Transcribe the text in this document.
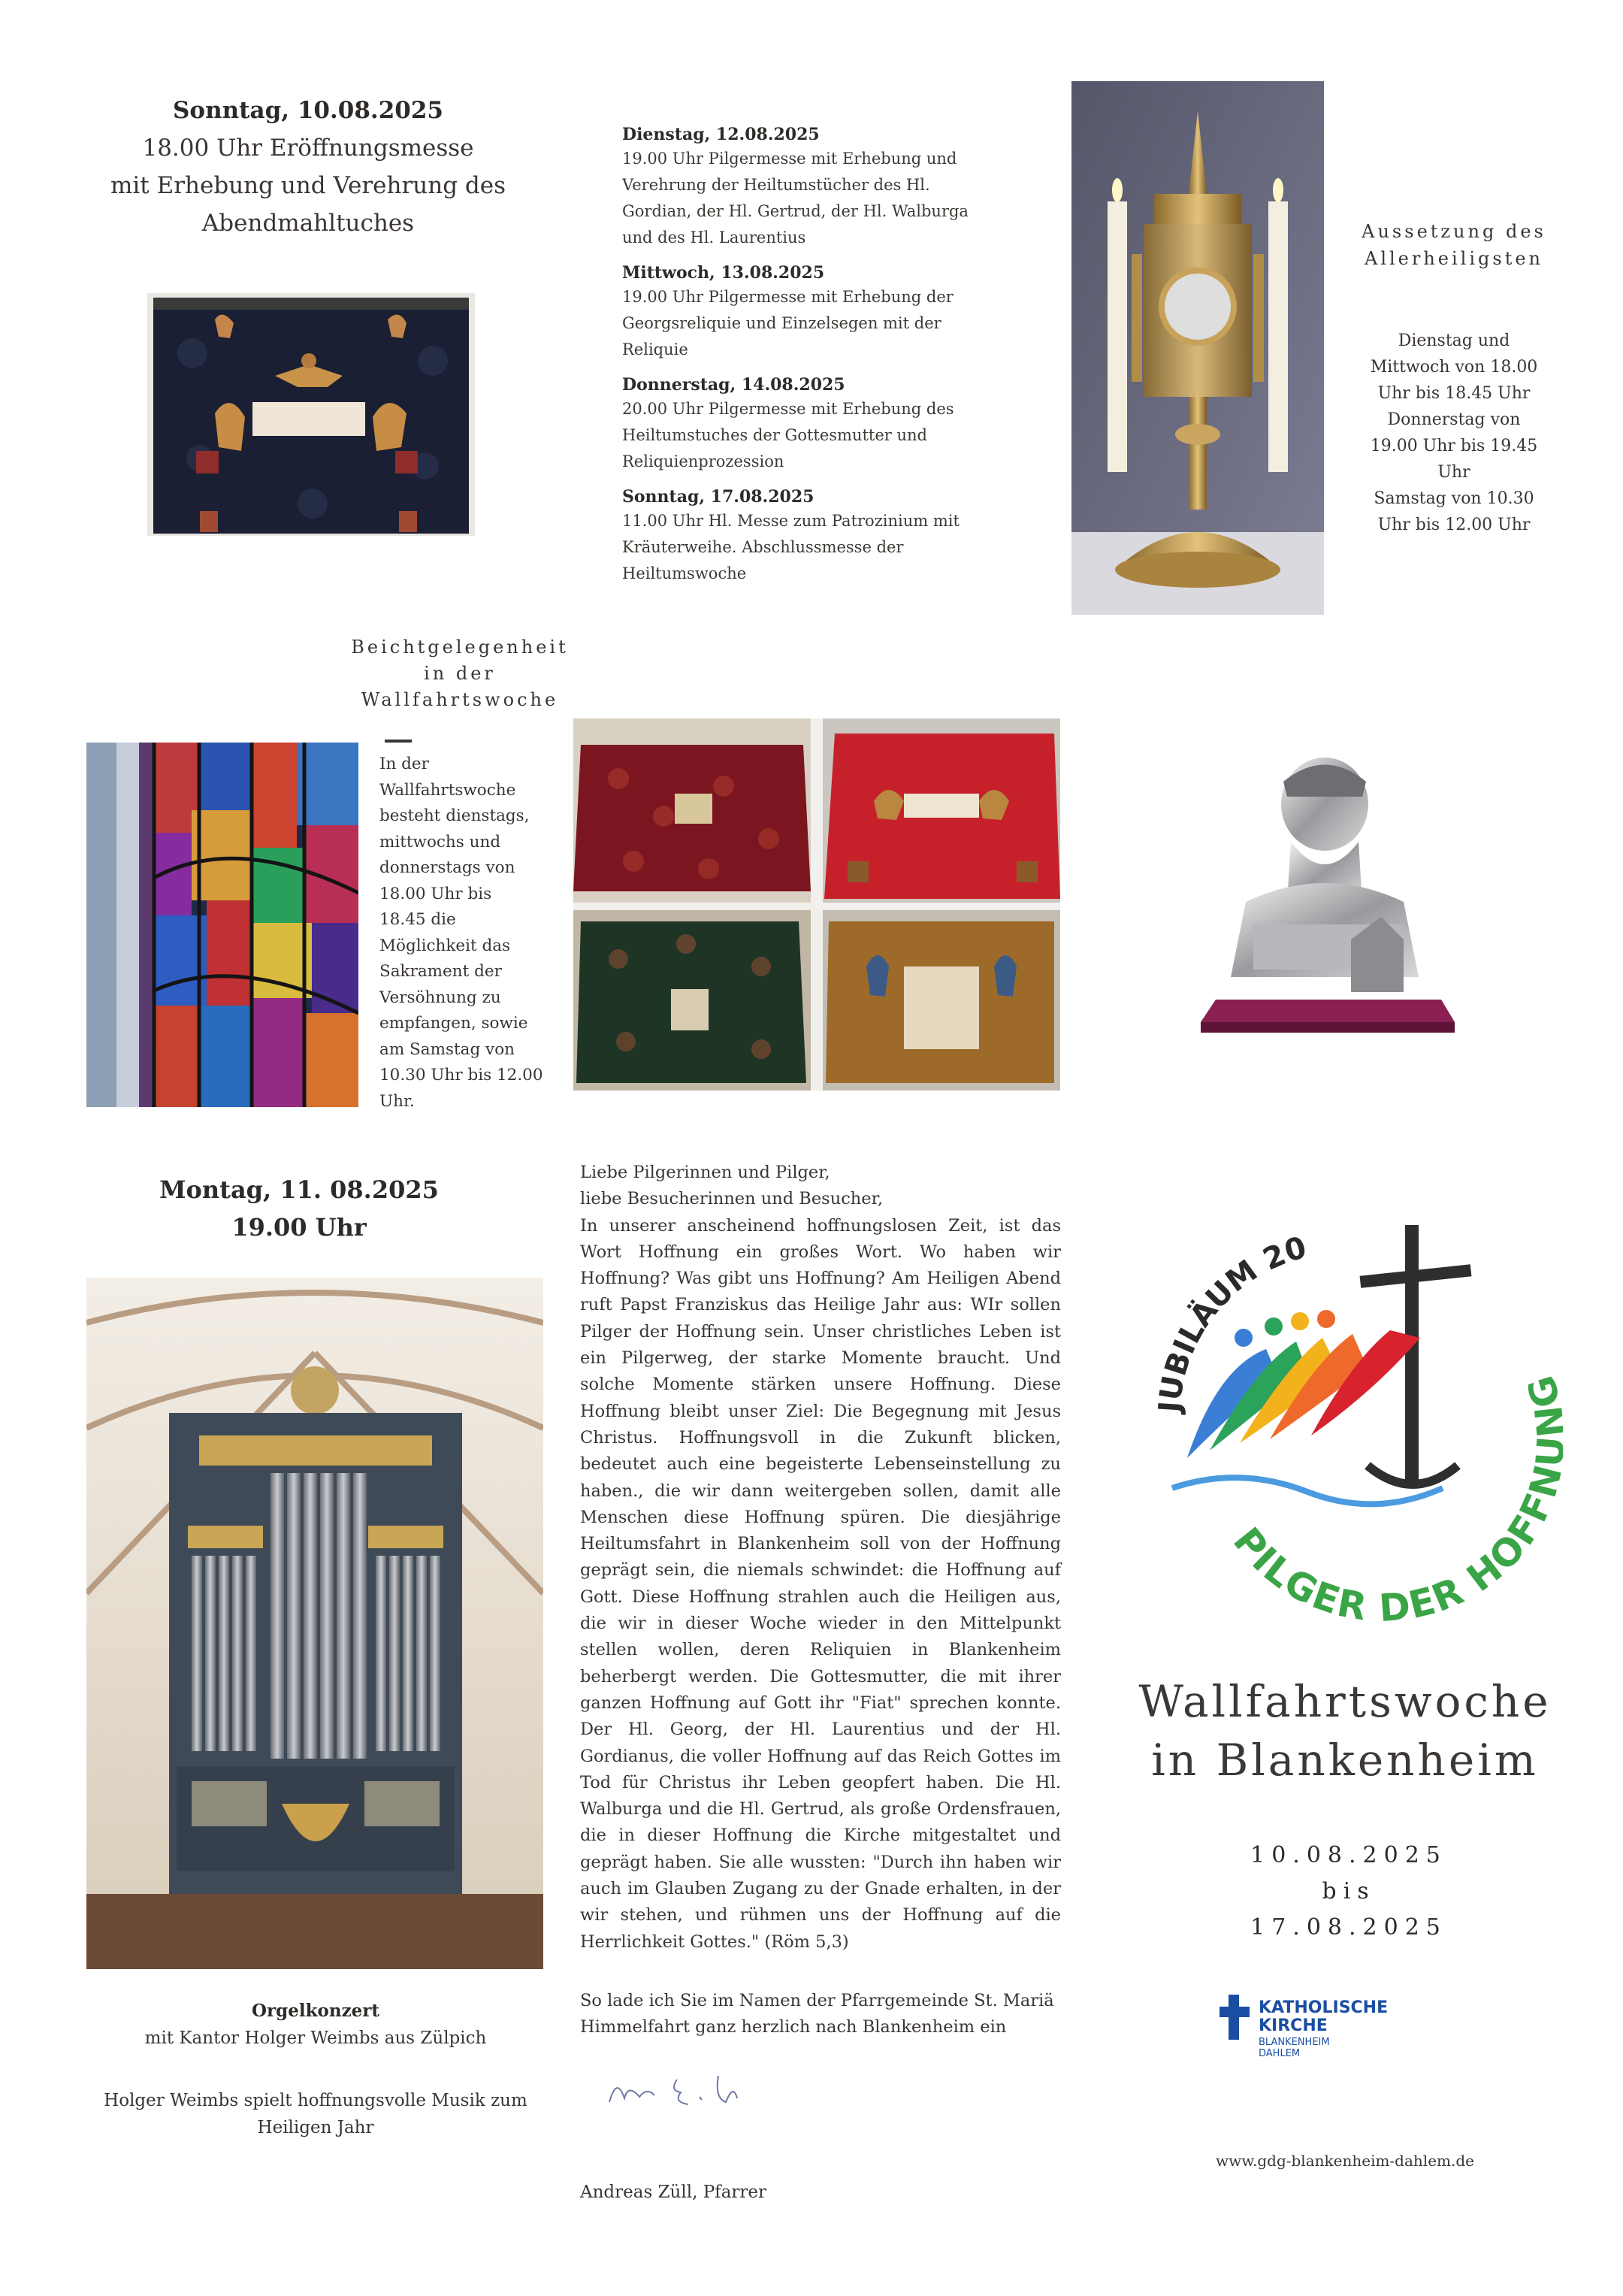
Sonntag, 10.08.2025
18.00 Uhr Eröffnungsmesse
mit Erhebung und Verehrung des
Abendmahltuches

Dienstag, 12.08.2025

19.00 Uhr Pilgermesse mit Erhebung und
Verehrung der Heiltumstücher des Hl.
Gordian, der Hl. Gertrud, der Hl. Walburga
und des Hl. Laurentius

Mittwoch, 13.08.2025

19.00 Uhr Pilgermesse mit Erhebung der
Georgsreliquie und Einzelsegen mit der
Reliquie

Donnerstag, 14.08.2025

20.00 Uhr Pilgermesse mit Erhebung des
Heiltumstuches der Gottesmutter und
Reliquienprozession

Sonntag, 17.08.2025

11.00 Uhr Hl. Messe zum Patrozinium mit
Kräuterweihe. Abschlussmesse der
Heiltumswoche

Aussetzung des
Allerheiligsten
Dienstag und
Mittwoch von 18.00
Uhr bis 18.45 Uhr
Donnerstag von
19.00 Uhr bis 19.45
Uhr
Samstag von 10.30
Uhr bis 12.00 Uhr
Beichtgelegenheit
in der
Wallfahrtswoche
In der
Wallfahrtswoche
besteht dienstags,
mittwochs und
donnerstags von
18.00 Uhr bis
18.45 die
Möglichkeit das
Sakrament der
Versöhnung zu
empfangen, sowie
am Samstag von
10.30 Uhr bis 12.00
Uhr.
Montag, 11. 08.2025
19.00 Uhr
Orgelkonzert
mit Kantor Holger Weimbs aus Zülpich
Holger Weimbs spielt hoffnungsvolle Musik zum
Heiligen Jahr

Liebe Pilgerinnen und Pilger,

liebe Besucherinnen und Besucher,

In unserer anscheinend hoffnungslosen Zeit, ist das Wort Hoffnung ein großes Wort. Wo haben wir Hoffnung? Was gibt uns Hoffnung? Am Heiligen Abend ruft Papst Franziskus das Heilige Jahr aus: WIr sollen Pilger der Hoffnung sein. Unser christliches Leben ist ein Pilgerweg, der starke Momente braucht. Und solche Momente stärken unsere Hoffnung. Diese Hoffnung bleibt unser Ziel: Die Begegnung mit Jesus Christus. Hoffnungsvoll in die Zukunft blicken, bedeutet auch eine begeisterte Lebenseinstellung zu haben., die wir dann weitergeben sollen, damit alle Menschen diese Hoffnung spüren. Die diesjährige Heiltumsfahrt in Blankenheim soll von der Hoffnung geprägt sein, die niemals schwindet: die Hoffnung auf Gott. Diese Hoffnung strahlen auch die Heiligen aus, die wir in dieser Woche wieder in den Mittelpunkt stellen wollen, deren Reliquien in Blankenheim beherbergt werden. Die Gottesmutter, die mit ihrer ganzen Hoffnung auf Gott ihr "Fiat" sprechen konnte. Der Hl. Georg, der Hl. Laurentius und der Hl. Gordianus, die voller Hoffnung auf das Reich Gottes im Tod für Christus ihr Leben geopfert haben. Die Hl. Walburga und die Hl. Gertrud, als große Ordensfrauen, die in dieser Hoffnung die Kirche mitgestaltet und geprägt haben. Sie alle wussten: "Durch ihn haben wir auch im Glauben Zugang zu der Gnade erhalten, in der wir stehen, und rühmen uns der Hoffnung auf die Herrlichkeit Gottes." (Röm 5,3)

So lade ich Sie im Namen der Pfarrgemeinde St. Mariä
Himmelfahrt ganz herzlich nach Blankenheim ein
Andreas Züll, Pfarrer
JUBILÄUM 20
PILGER DER HOFF
Wallfahrtswoche
in Blankenheim
10.08.2025
bis
17.08.2025
KATHOLISCHE
KIRCHE
BLANKENHEIM
DAHLEM
www.gdg-blankenheim-dahlem.de
